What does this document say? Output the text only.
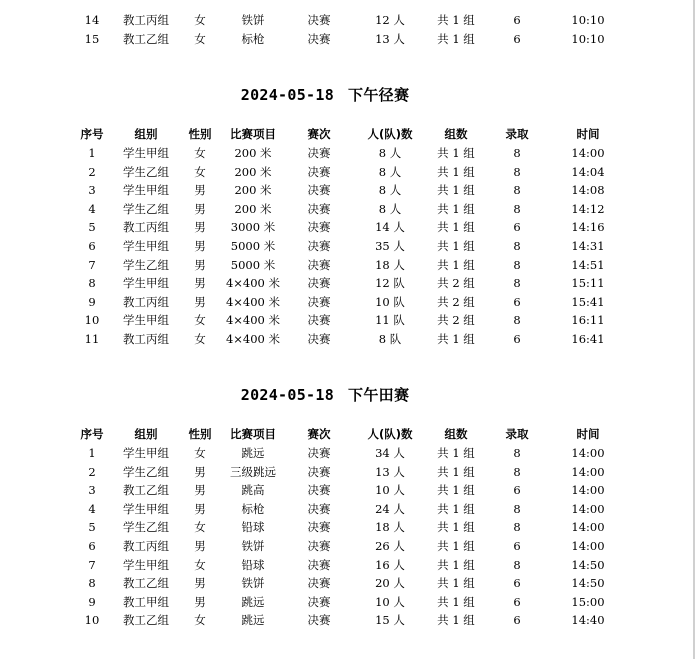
14 教工丙组 女	铁饼	决赛	12 人	共 1 组	6	10:10
15 教工乙组 女	标枪	决赛	13 人	共 1 组	6	10:10
2024-05-18 下午径赛
序号	组别	性别 比赛项目	赛次	人(队)数	组数	录取	时间
1 学生甲组 女 200 米	决赛	8 人	共 1 组	8	14:00
2 学生乙组 女 200 米	决赛	8 人	共 1 组	8	14:04
3 学生甲组 男 200 米	决赛	8 人	共 1 组	8	14:08
4 学生乙组 男 200 米	决赛	8 人	共 1 组	8	14:12
5 教工丙组 男 3000 米	决赛	14 人	共 1 组	6	14:16
6 学生甲组 男 5000 米	决赛	35 人	共 1 组	8	14:31
7 学生乙组 男 5000 米	决赛	18 人	共 1 组	8	14:51
8 学生甲组 男 4×400 米 决赛	12 队	共 2 组	8	15:11
9 教工丙组 男 4×400 米 决赛	10 队	共 2 组	6	15:41
10 学生甲组 女 4×400 米 决赛	11 队	共 2 组	8	16:11
11 教工丙组 女 4×400 米 决赛	8 队	共 1 组	6	16:41
2024-05-18 下午田赛
序号	组别	性别 比赛项目	赛次	人(队)数	组数	录取	时间
1 学生甲组 女	跳远	决赛	34 人	共 1 组	8	14:00
2 学生乙组 男 三级跳远	决赛	13 人	共 1 组	8	14:00
3 教工乙组 男	跳高	决赛	10 人	共 1 组	6	14:00
4 学生甲组 男	标枪	决赛	24 人	共 1 组	8	14:00
5 学生乙组 女	铅球	决赛	18 人	共 1 组	8	14:00
6 教工丙组 男	铁饼	决赛	26 人	共 1 组	6	14:00
7 学生甲组 女	铅球	决赛	16 人	共 1 组	8	14:50
8 教工乙组 男	铁饼	决赛	20 人	共 1 组	6	14:50
9 教工甲组 男	跳远	决赛	10 人	共 1 组	6	15:00
10 教工乙组 女	跳远	决赛	15 人	共 1 组	6	14:40
